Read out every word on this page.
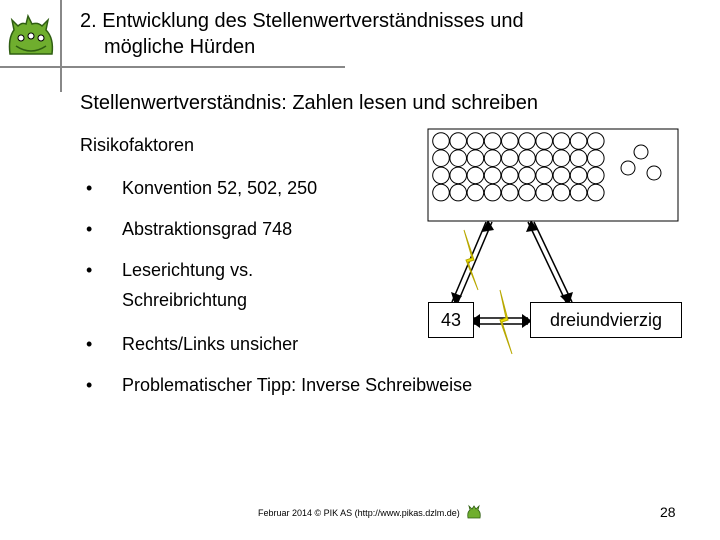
2. Entwicklung des Stellenwertverständnisses und
mögliche Hürden
Stellenwertverständnis: Zahlen lesen und schreiben
Risikofaktoren
•	Konvention 52, 502, 250
•	Abstraktionsgrad 748
•	Leserichtung vs.
Schreibrichtung
•	Rechts/Links unsicher
•	Problematischer Tipp: Inverse Schreibweise
43	dreiundvierzig
Februar 2014 © PIK AS (http://www.pikas.dzlm.de)	28
